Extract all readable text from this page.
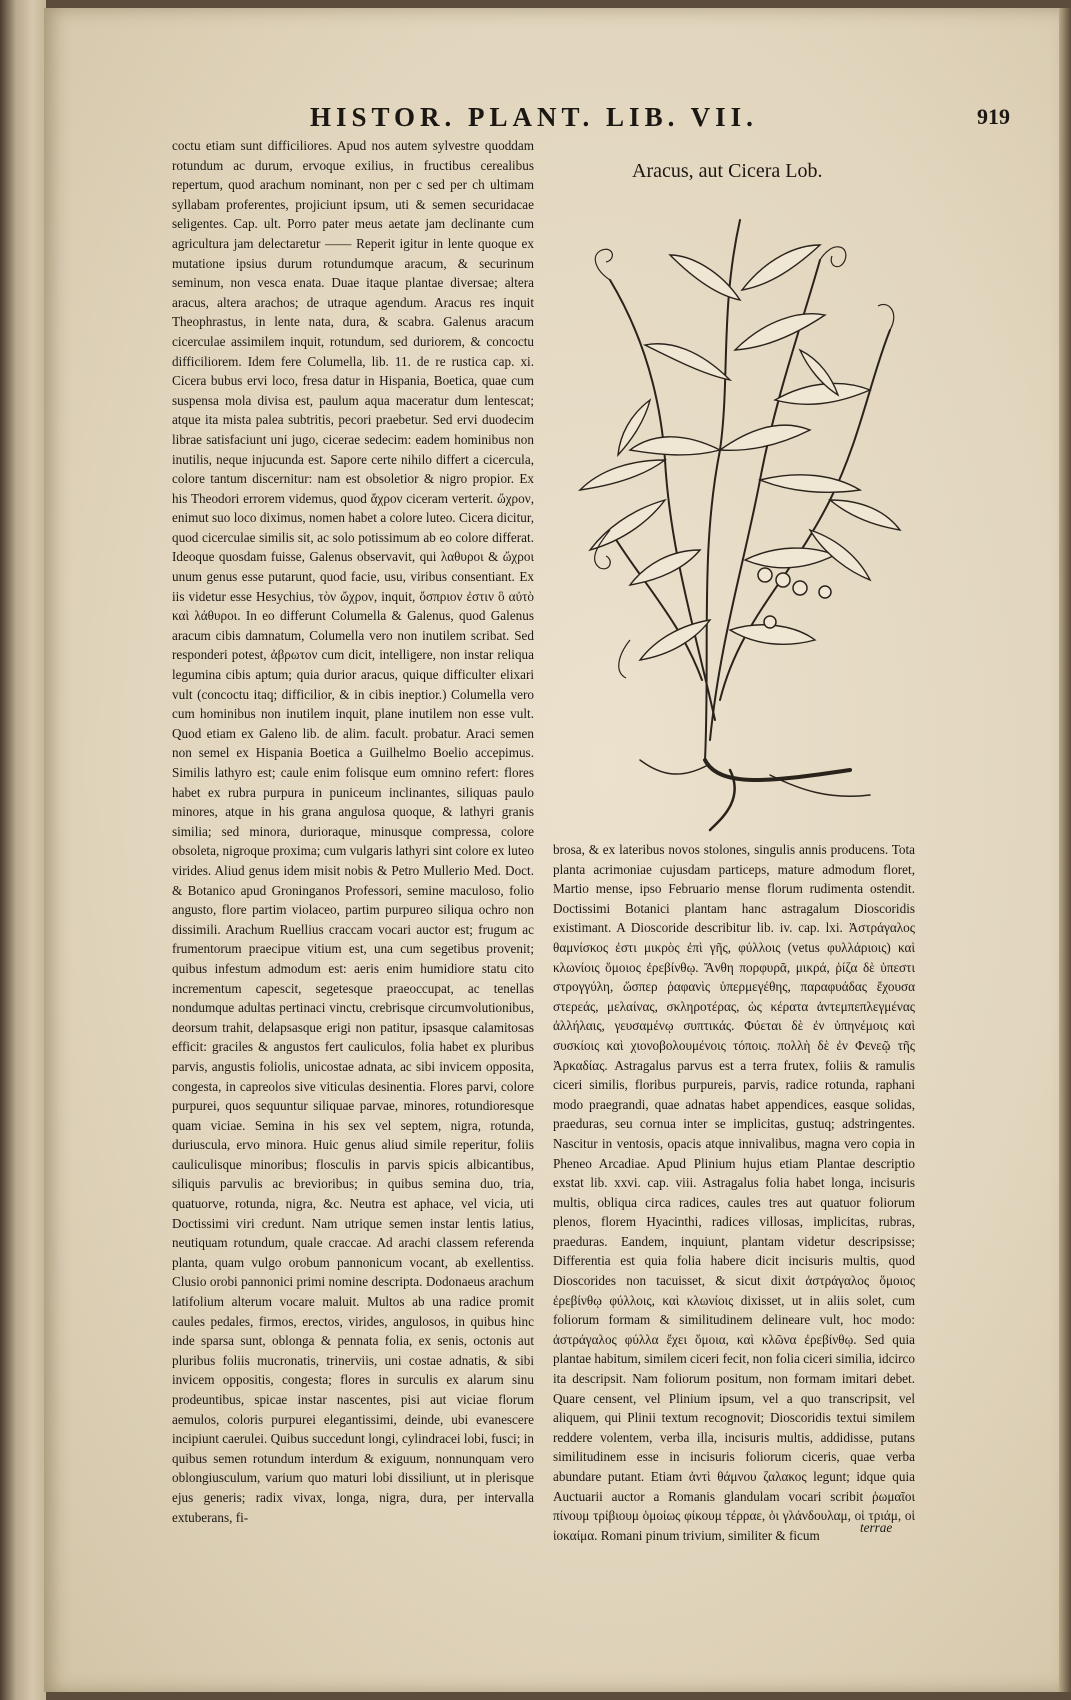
HISTOR. PLANT. LIB. VII.	919

coctu etiam sunt difficiliores. Apud nos autem sylvestre quoddam rotundum ac durum, ervoque exilius, in fructibus cerealibus repertum, quod arachum nominant, non per c sed per ch ultimam syllabam proferentes, projiciunt ipsum, uti & semen securidacae seligentes. Cap. ult. Porro pater meus aetate jam declinante cum agricultura jam delectaretur —— Reperit igitur in lente quoque ex mutatione ipsius durum rotundumque aracum, & securinum seminum, non vesca enata. Duae itaque plantae diversae; altera aracus, altera arachos; de utraque agendum. Aracus res inquit Theophrastus, in lente nata, dura, & scabra. Galenus aracum cicerculae assimilem inquit, rotundum, sed duriorem, & concoctu difficiliorem. Idem fere Columella, lib. 11. de re rustica cap. xi. Cicera bubus ervi loco, fresa datur in Hispania, Boetica, quae cum suspensa mola divisa est, paulum aqua maceratur dum lentescat; atque ita mista palea subtritis, pecori praebetur. Sed ervi duodecim librae satisfaciunt uni jugo, cicerae sedecim: eadem hominibus non inutilis, neque injucunda est. Sapore certe nihilo differt a cicercula, colore tantum discernitur: nam est obsoletior & nigro propior. Ex his Theodori errorem videmus, quod ἄχρον ciceram verterit. ὤχρον, enimut suo loco diximus, nomen habet a colore luteo. Cicera dicitur, quod cicerculae similis sit, ac solo potissimum ab eo colore differat. Ideoque quosdam fuisse, Galenus observavit, qui λαθυροι & ὤχροι unum genus esse putarunt, quod facie, usu, viribus consentiant. Ex iis videtur esse Hesychius, τὸν ὤχρον, inquit, ὄσπριον ἐστιν ὃ αὐτὸ καὶ λάθυροι. In eo differunt Columella & Galenus, quod Galenus aracum cibis damnatum, Columella vero non inutilem scribat. Sed responderi potest, ἀβρωτον cum dicit, intelligere, non instar reliqua legumina cibis aptum; quia durior aracus, quique difficulter elixari vult (concoctu itaq; difficilior, & in cibis ineptior.) Columella vero cum hominibus non inutilem inquit, plane inutilem non esse vult. Quod etiam ex Galeno lib. de alim. facult. probatur. Araci semen non semel ex Hispania Boetica a Guilhelmo Boelio accepimus. Similis lathyro est; caule enim folisque eum omnino refert: flores habet ex rubra purpura in puniceum inclinantes, siliquas paulo minores, atque in his grana angulosa quoque, & lathyri granis similia; sed minora, durioraque, minusque compressa, colore obsoleta, nigroque proxima; cum vulgaris lathyri sint colore ex luteo virides. Aliud genus idem misit nobis & Petro Mullerio Med. Doct. & Botanico apud Groninganos Professori, semine maculoso, folio angusto, flore partim violaceo, partim purpureo siliqua ochro non dissimili. Arachum Ruellius craccam vocari auctor est; frugum ac frumentorum praecipue vitium est, una cum segetibus provenit; quibus infestum admodum est: aeris enim humidiore statu cito incrementum capescit, segetesque praeoccupat, ac tenellas nondumque adultas pertinaci vinctu, crebrisque circumvolutionibus, deorsum trahit, delapsasque erigi non patitur, ipsasque calamitosas efficit: graciles & angustos fert cauliculos, folia habet ex pluribus parvis, angustis foliolis, unicostae adnata, ac sibi invicem opposita, congesta, in capreolos sive viticulas desinentia. Flores parvi, colore purpurei, quos sequuntur siliquae parvae, minores, rotundioresque quam viciae. Semina in his sex vel septem, nigra, rotunda, duriuscula, ervo minora. Huic genus aliud simile reperitur, foliis cauliculisque minoribus; flosculis in parvis spicis albicantibus, siliquis parvulis ac brevioribus; in quibus semina duo, tria, quatuorve, rotunda, nigra, &c. Neutra est aphace, vel vicia, uti Doctissimi viri credunt. Nam utrique semen instar lentis latius, neutiquam rotundum, quale craccae. Ad arachi classem referenda planta, quam vulgo orobum pannonicum vocant, ab exellentiss. Clusio orobi pannonici primi nomine descripta. Dodonaeus arachum latifolium alterum vocare maluit. Multos ab una radice promit caules pedales, firmos, erectos, virides, angulosos, in quibus hinc inde sparsa sunt, oblonga & pennata folia, ex senis, octonis aut pluribus foliis mucronatis, trinerviis, uni costae adnatis, & sibi invicem oppositis, congesta; flores in surculis ex alarum sinu prodeuntibus, spicae instar nascentes, pisi aut viciae florum aemulos, coloris purpurei elegantissimi, deinde, ubi evanescere incipiunt caerulei. Quibus succedunt longi, cylindracei lobi, fusci; in quibus semen rotundum interdum & exiguum, nonnunquam vero oblongiusculum, varium quo maturi lobi dissiliunt, ut in plerisque ejus generis; radix vivax, longa, nigra, dura, per intervalla extuberans, fi-

Aracus, aut Cicera Lob.

brosa, & ex lateribus novos stolones, singulis annis producens. Tota planta acrimoniae cujusdam particeps, mature admodum floret, Martio mense, ipso Februario mense florum rudimenta ostendit. Doctissimi Botanici plantam hanc astragalum Dioscoridis existimant. A Dioscoride describitur lib. iv. cap. lxi. Ἀστράγαλος θαμνίσκος ἐστι μικρὸς ἐπὶ γῆς, φύλλοις (vetus φυλλάριοις) καὶ κλωνίοις ὅμοιος ἐρεβίνθῳ. Ἄνθη πορφυρᾶ, μικρά, ῥίζα δὲ ὑπεστι στρογγύλη, ὥσπερ ῥαφανὶς ὑπερμεγέθης, παραφυάδας ἔχουσα στερεάς, μελαίνας, σκληροτέρας, ὡς κέρατα ἀντεμπεπλεγμένας ἀλλήλαις, γευσαμένῳ συπτικάς. Φύεται δὲ ἐν ὑπηνέμοις καὶ συσκίοις καὶ χιονοβολουμένοις τόποις. πολλὴ δὲ ἐν Φενεῷ τῆς Ἀρκαδίας. Astragalus parvus est a terra frutex, foliis & ramulis ciceri similis, floribus purpureis, parvis, radice rotunda, raphani modo praegrandi, quae adnatas habet appendices, easque solidas, praeduras, seu cornua inter se implicitas, gustuq; adstringentes. Nascitur in ventosis, opacis atque innivalibus, magna vero copia in Pheneo Arcadiae. Apud Plinium hujus etiam Plantae descriptio exstat lib. xxvi. cap. viii. Astragalus folia habet longa, incisuris multis, obliqua circa radices, caules tres aut quatuor foliorum plenos, florem Hyacinthi, radices villosas, implicitas, rubras, praeduras. Eandem, inquiunt, plantam videtur descripsisse; Differentia est quia folia habere dicit incisuris multis, quod Dioscorides non tacuisset, & sicut dixit ἀστράγαλος ὅμοιος ἐρεβίνθῳ φύλλοις, καὶ κλωνίοις dixisset, ut in aliis solet, cum foliorum formam & similitudinem delineare vult, hoc modo: ἀστράγαλος φύλλα ἔχει ὅμοια, καὶ κλῶνα ἐρεβίνθῳ. Sed quia plantae habitum, similem ciceri fecit, non folia ciceri similia, idcirco ita descripsit. Nam foliorum positum, non formam imitari debet. Quare censent, vel Plinium ipsum, vel a quo transcripsit, vel aliquem, qui Plinii textum recognovit; Dioscoridis textui similem reddere volentem, verba illa, incisuris multis, addidisse, putans similitudinem esse in incisuris foliorum ciceris, quae verba abundare putant. Etiam ἀντὶ θάμνου ζαλακος legunt; idque quia Auctuarii auctor a Romanis glandulam vocari scribit ῥωμαῖοι πίνουμ τρίβιουμ ὁμοίως φίκουμ τέρραε, ὁι γλάνδουλαμ, οἱ τριάμ, οἱ ἰοκαίμα. Romani pinum trivium, similiter & ficum

terrae
